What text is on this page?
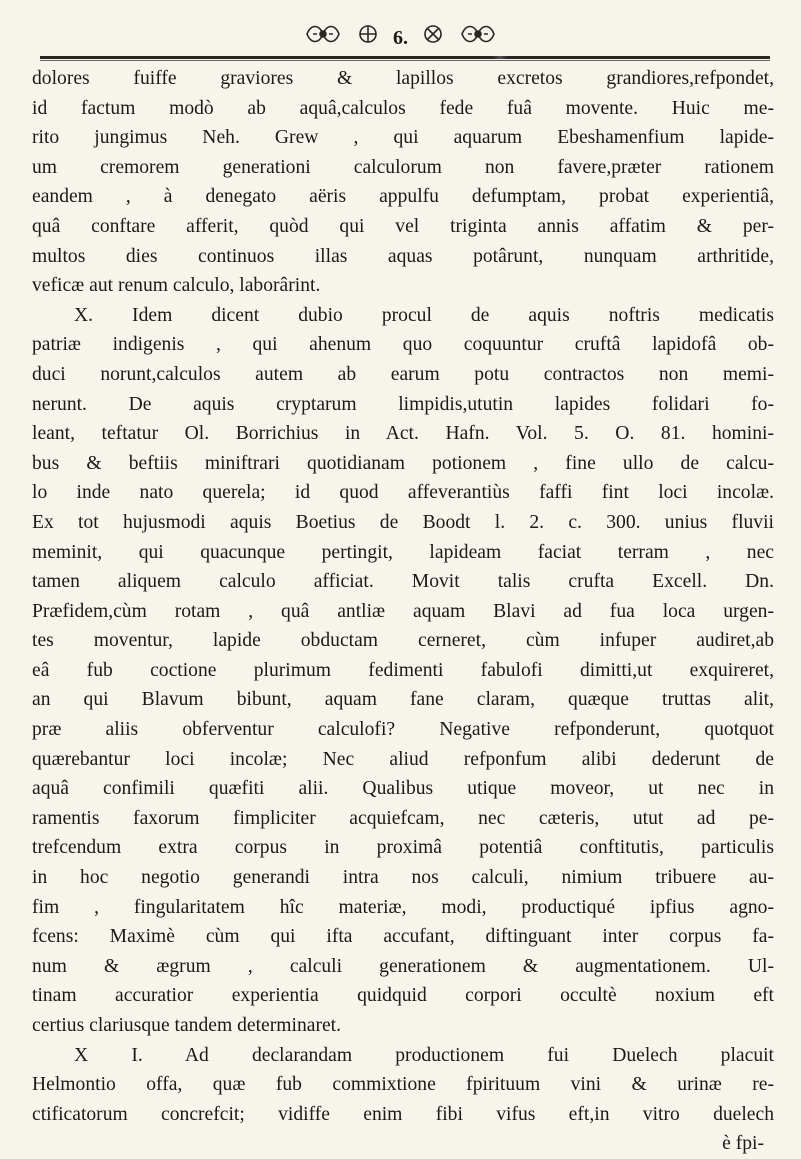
6.
dolores fuiffe graviores & lapillos excretos grandiores,refpondet,
id factum modò ab aquâ,calculos fede fuâ movente. Huic me-
rito jungimus Neh. Grew , qui aquarum Ebeshamenfium lapide-
um cremorem generationi calculorum non favere,præter rationem
eandem , à denegato aëris appulfu defumptam, probat experientiâ,
quâ conftare afferit, quòd qui vel triginta annis affatim & per-
multos dies continuos illas aquas potârunt, nunquam arthritide,
veficæ aut renum calculo, laborârint.
X. Idem dicent dubio procul de aquis noftris medicatis
patriæ indigenis , qui ahenum quo coquuntur cruftâ lapidofâ ob-
duci norunt,calculos autem ab earum potu contractos non memi-
nerunt. De aquis cryptarum limpidis,ututin lapides folidari fo-
leant, teftatur Ol. Borrichius in Act. Hafn. Vol. 5. O. 81. homini-
bus & beftiis miniftrari quotidianam potionem , fine ullo de calcu-
lo inde nato querela; id quod affeverantiùs faffi fint loci incolæ.
Ex tot hujusmodi aquis Boetius de Boodt l. 2. c. 300. unius fluvii
meminit, qui quacunque pertingit, lapideam faciat terram , nec
tamen aliquem calculo afficiat. Movit talis crufta Excell. Dn.
Præfidem,cùm rotam , quâ antliæ aquam Blavi ad fua loca urgen-
tes moventur, lapide obductam cerneret, cùm infuper audiret,ab
eâ fub coctione plurimum fedimenti fabulofi dimitti,ut exquireret,
an qui Blavum bibunt, aquam fane claram, quæque truttas alit,
præ aliis obferventur calculofi? Negative refponderunt, quotquot
quærebantur loci incolæ; Nec aliud refponfum alibi dederunt de
aquâ confimili quæfiti alii. Qualibus utique moveor, ut nec in
ramentis faxorum fimpliciter acquiefcam, nec cæteris, utut ad pe-
trefcendum extra corpus in proximâ potentiâ conftitutis, particulis
in hoc negotio generandi intra nos calculi, nimium tribuere au-
fim , fingularitatem hîc materiæ, modi, productiqué ipfius agno-
fcens: Maximè cùm qui ifta accufant, diftinguant inter corpus fa-
num & ægrum , calculi generationem & augmentationem. Ul-
tinam accuratior experientia quidquid corpori occultè noxium eft
certius clariusque tandem determinaret.
X I. Ad declarandam productionem fui Duelech placuit
Helmontio offa, quæ fub commixtione fpirituum vini & urinæ re-
ctificatorum concrefcit; vidiffe enim fibi vifus eft,in vitro duelech
è fpi-
